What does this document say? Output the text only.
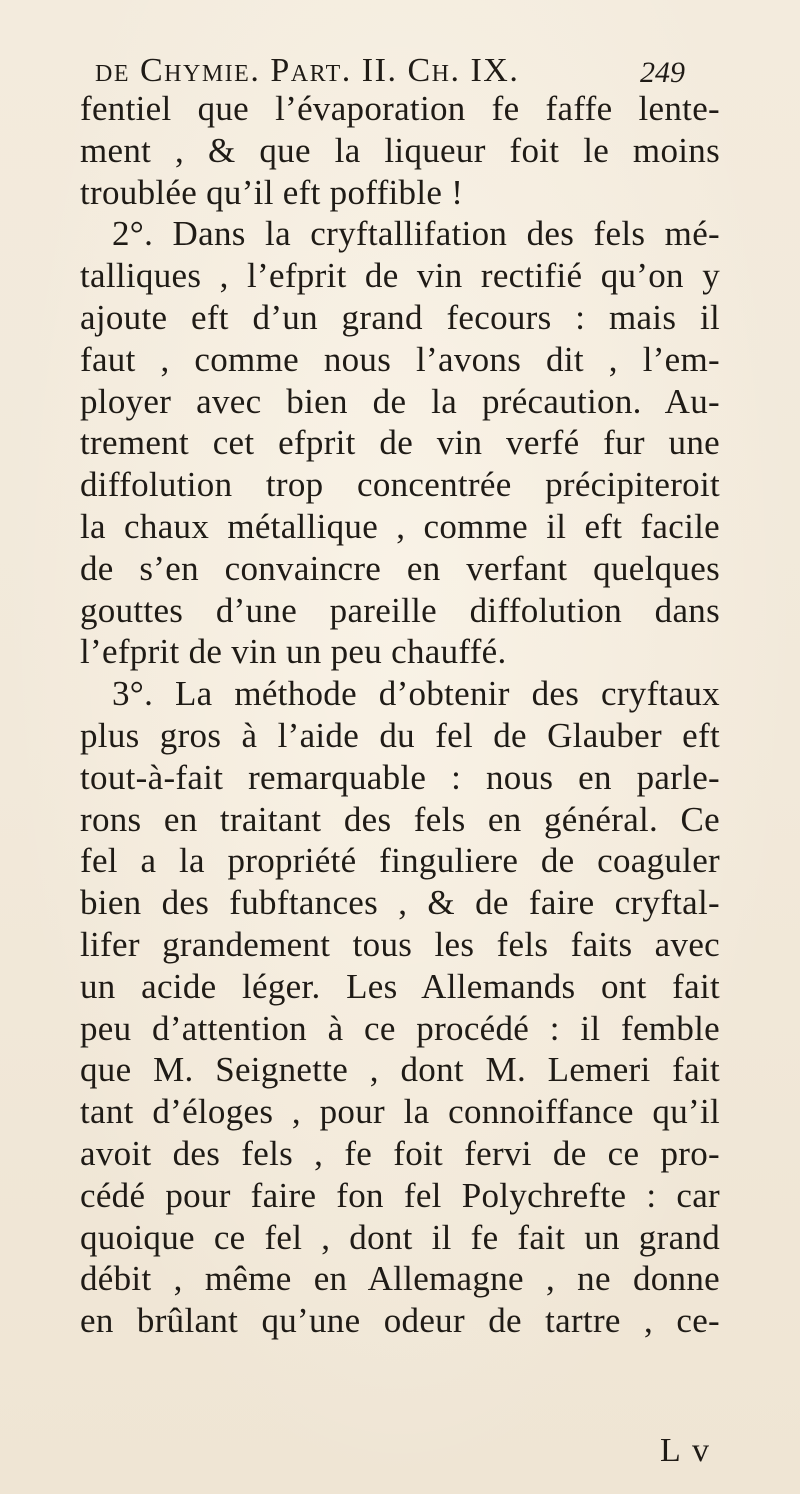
de Chymie. Part. II. Ch. IX.	249
fentiel que l’évaporation fe faffe lente-
ment , & que la liqueur foit le moins
troublée qu’il eft poffible !
2°. Dans la cryftallifation des fels mé-
talliques , l’efprit de vin rectifié qu’on y
ajoute eft d’un grand fecours : mais il
faut , comme nous l’avons dit , l’em-
ployer avec bien de la précaution. Au-
trement cet efprit de vin verfé fur une
diffolution trop concentrée précipiteroit
la chaux métallique , comme il eft facile
de s’en convaincre en verfant quelques
gouttes d’une pareille diffolution dans
l’efprit de vin un peu chauffé.
3°. La méthode d’obtenir des cryftaux
plus gros à l’aide du fel de Glauber eft
tout-à-fait remarquable : nous en parle-
rons en traitant des fels en général. Ce
fel a la propriété finguliere de coaguler
bien des fubftances , & de faire cryftal-
lifer grandement tous les fels faits avec
un acide léger. Les Allemands ont fait
peu d’attention à ce procédé : il femble
que M. Seignette , dont M. Lemeri fait
tant d’éloges , pour la connoiffance qu’il
avoit des fels , fe foit fervi de ce pro-
cédé pour faire fon fel Polychrefte : car
quoique ce fel , dont il fe fait un grand
débit , même en Allemagne , ne donne
en brûlant qu’une odeur de tartre , ce-
L v
